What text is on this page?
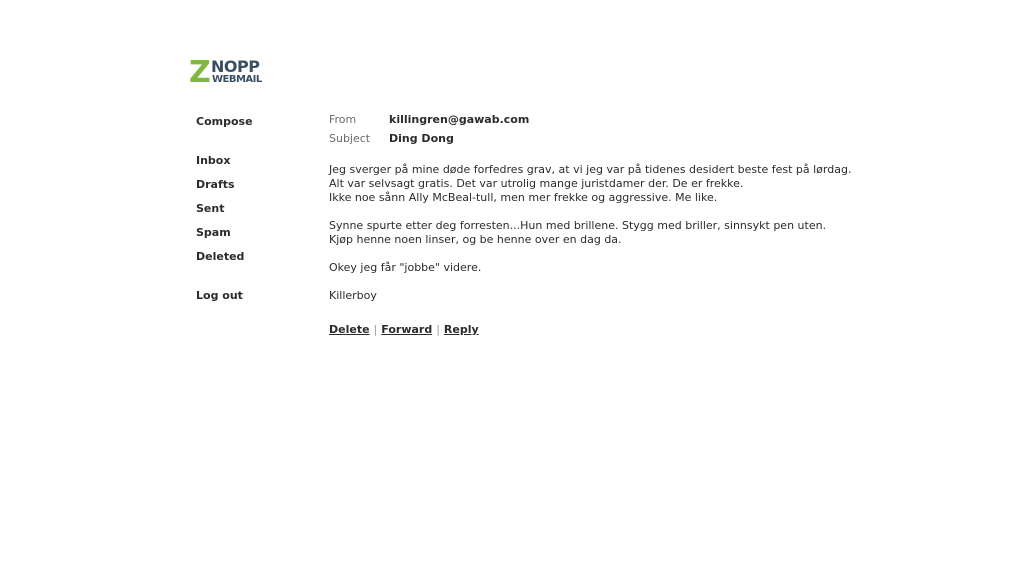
Z NOPP
WEBMAIL
Compose
Inbox
Drafts
Sent
Spam
Deleted
Log out
From	killingren@gawab.com
Subject Ding Dong

Jeg sverger på mine døde forfedres grav, at vi jeg var på tidenes desidert beste fest på lørdag.
Alt var selvsagt gratis. Det var utrolig mange juristdamer der. De er frekke.
Ikke noe sånn Ally McBeal-tull, men mer frekke og aggressive. Me like.

Synne spurte etter deg forresten...Hun med brillene. Stygg med briller, sinnsykt pen uten.
Kjøp henne noen linser, og be henne over en dag da.

Okey jeg får "jobbe" videre.

Killerboy

Delete | Forward | Reply
